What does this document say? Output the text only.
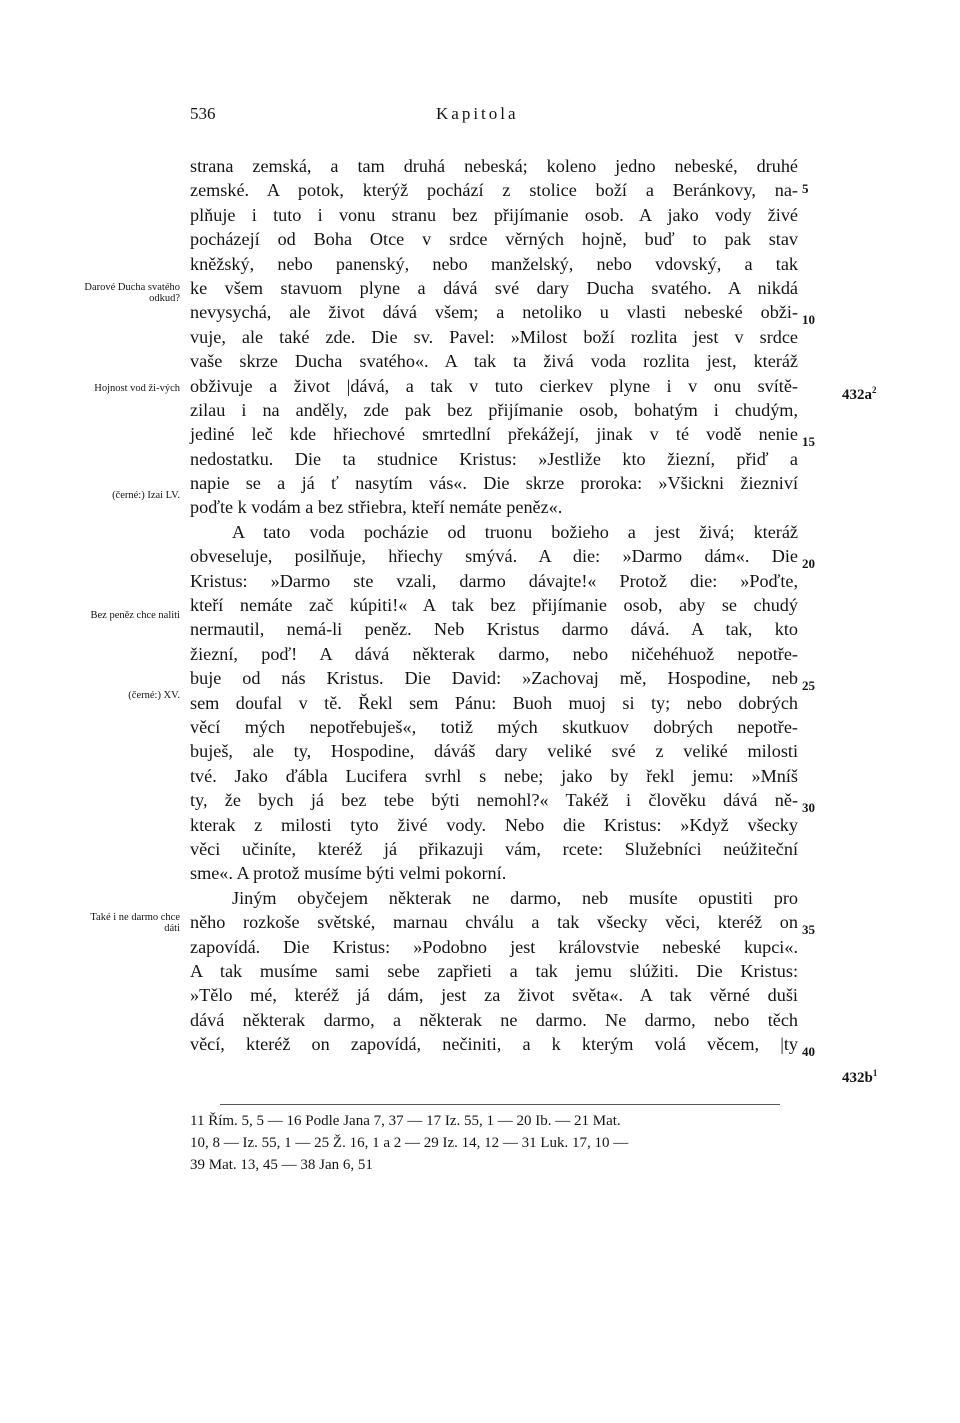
536	Kapitola
strana zemská, a tam druhá nebeská; koleno jedno nebeské, druhé
zemské. A potok, kterýž pochází z stolice boží a Beránkovy, na-
plňuje i tuto i vonu stranu bez přijímanie osob. A jako vody živé
pocházejí od Boha Otce v srdce věrných hojně, buď to pak stav
kněžský, nebo panenský, nebo manželský, nebo vdovský, a tak
ke všem stavuom plyne a dává své dary Ducha svatého. A nikdá
nevysychá, ale život dává všem; a netoliko u vlasti nebeské obži-
vuje, ale také zde. Die sv. Pavel: »Milost boží rozlita jest v srdce
vaše skrze Ducha svatého«. A tak ta živá voda rozlita jest, kteráž
obživuje a život |dává, a tak v tuto cierkev plyne i v onu svítě-
zilau i na anděly, zde pak bez přijímanie osob, bohatým i chudým,
jediné leč kde hřiechové smrtedlní překážejí, jinak v té vodě nenie
nedostatku. Die ta studnice Kristus: »Jestliže kto žiezní, přiď a
napie se a já ť nasytím vás«. Die skrze proroka: »Všickni žiezniví
poďte k vodám a bez střiebra, kteří nemáte peněz«.
A tato voda pocházie od truonu božieho a jest živá; kteráž
obveseluje, posilňuje, hřiechy smývá. A die: »Darmo dám«. Die
Kristus: »Darmo ste vzali, darmo dávajte!« Protož die: »Poďte,
kteří nemáte zač kúpiti!« A tak bez přijímanie osob, aby se chudý
nermautil, nemá-li peněz. Neb Kristus darmo dává. A tak, kto
žiezní, poď! A dává některak darmo, nebo ničehéhuož nepotře-
buje od nás Kristus. Die David: »Zachovaj mě, Hospodine, neb
sem doufal v tě. Řekl sem Pánu: Buoh muoj si ty; nebo dobrých
věcí mých nepotřebuješ«, totiž mých skutkuov dobrých nepotře-
buješ, ale ty, Hospodine, dáváš dary veliké své z veliké milosti
tvé. Jako ďábla Lucifera svrhl s nebe; jako by řekl jemu: »Mníš
ty, že bych já bez tebe býti nemohl?« Takéž i člověku dává ně-
kterak z milosti tyto živé vody. Nebo die Kristus: »Když všecky
věci učiníte, kteréž já přikazuji vám, rcete: Služebníci neúžiteční
sme«. A protož musíme býti velmi pokorní.
Jiným obyčejem některak ne darmo, neb musíte opustiti pro
něho rozkoše světské, marnau chválu a tak všecky věci, kteréž on
zapovídá. Die Kristus: »Podobno jest královstvie nebeské kupci«.
A tak musíme sami sebe zapřieti a tak jemu slúžiti. Die Kristus:
»Tělo mé, kteréž já dám, jest za život světa«. A tak věrné duši
dává některak darmo, a některak ne darmo. Ne darmo, nebo těch
věcí, kteréž on zapovídá, nečiniti, a k kterým volá věcem, |ty
5
10
15
20
25
30
35
40
$432a^2$
$432b^1$
Darové Ducha svatého odkud?
Hojnost vod ži-vých
(černé:) Izai LV.
Bez peněz chce naliti
(černé:) XV.
Také i ne darmo chce dáti
11 Řím. 5, 5 — 16 Podle Jana 7, 37 — 17 Iz. 55, 1 — 20 Ib. — 21 Mat.
10, 8 — Iz. 55, 1 — 25 Ž. 16, 1 a 2 — 29 Iz. 14, 12 — 31 Luk. 17, 10 —
39 Mat. 13, 45 — 38 Jan 6, 51
